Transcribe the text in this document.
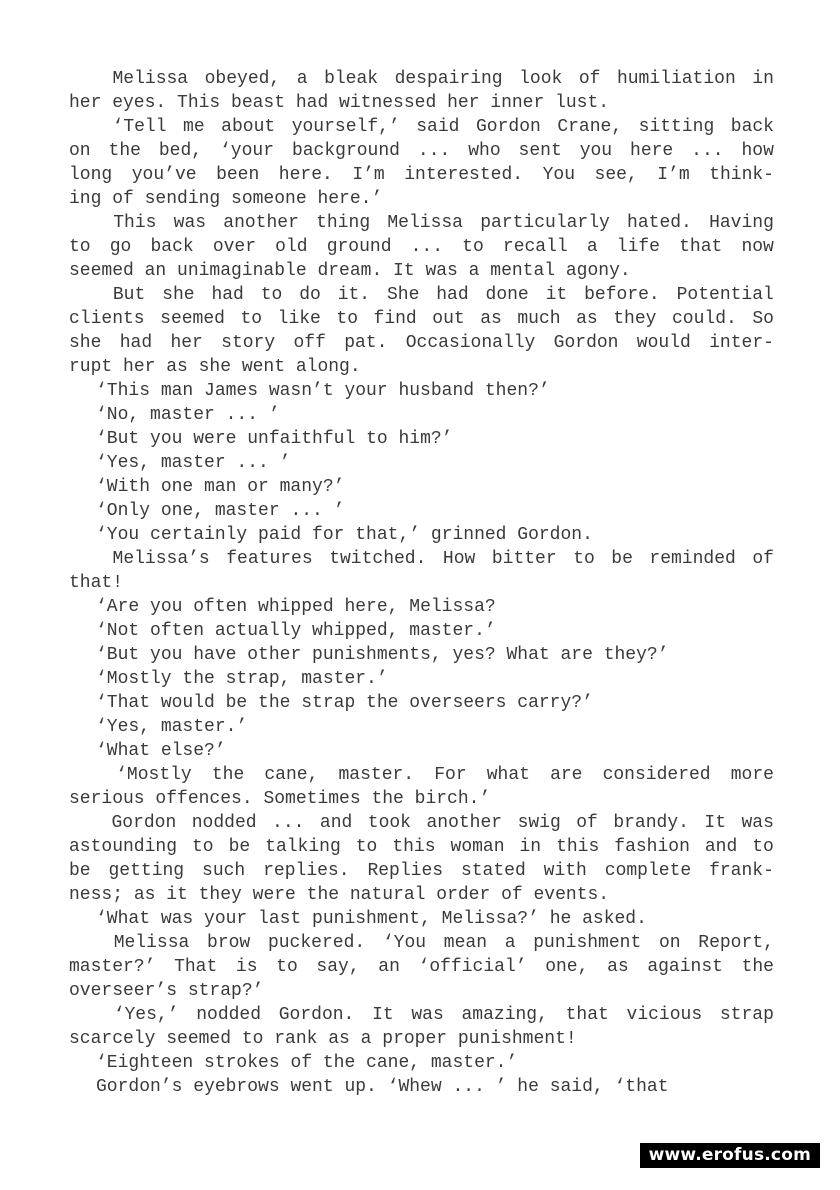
Melissa obeyed, a bleak despairing look of humiliation in
her eyes. This beast had witnessed her inner lust.
‘Tell me about yourself,’ said Gordon Crane, sitting back
on the bed, ‘your background ... who sent you here ... how
long you’ve been here. I’m interested. You see, I’m think-
ing of sending someone here.’
This was another thing Melissa particularly hated. Having
to go back over old ground ... to recall a life that now
seemed an unimaginable dream. It was a mental agony.
But she had to do it. She had done it before. Potential
clients seemed to like to find out as much as they could. So
she had her story off pat. Occasionally Gordon would inter-
rupt her as she went along.
‘This man James wasn’t your husband then?’
‘No, master ... ’
‘But you were unfaithful to him?’
‘Yes, master ... ’
‘With one man or many?’
‘Only one, master ... ’
‘You certainly paid for that,’ grinned Gordon.
Melissa’s features twitched. How bitter to be reminded of
that!
‘Are you often whipped here, Melissa?
‘Not often actually whipped, master.’
‘But you have other punishments, yes? What are they?’
‘Mostly the strap, master.’
‘That would be the strap the overseers carry?’
‘Yes, master.’
‘What else?’
‘Mostly the cane, master. For what are considered more
serious offences. Sometimes the birch.’
Gordon nodded ... and took another swig of brandy. It was
astounding to be talking to this woman in this fashion and to
be getting such replies. Replies stated with complete frank-
ness; as it they were the natural order of events.
‘What was your last punishment, Melissa?’ he asked.
Melissa brow puckered. ‘You mean a punishment on Report,
master?’ That is to say, an ‘official’ one, as against the
overseer’s strap?’
‘Yes,’ nodded Gordon. It was amazing, that vicious strap
scarcely seemed to rank as a proper punishment!
‘Eighteen strokes of the cane, master.’
Gordon’s eyebrows went up. ‘Whew ... ’ he said, ‘that
www.erofus.com
